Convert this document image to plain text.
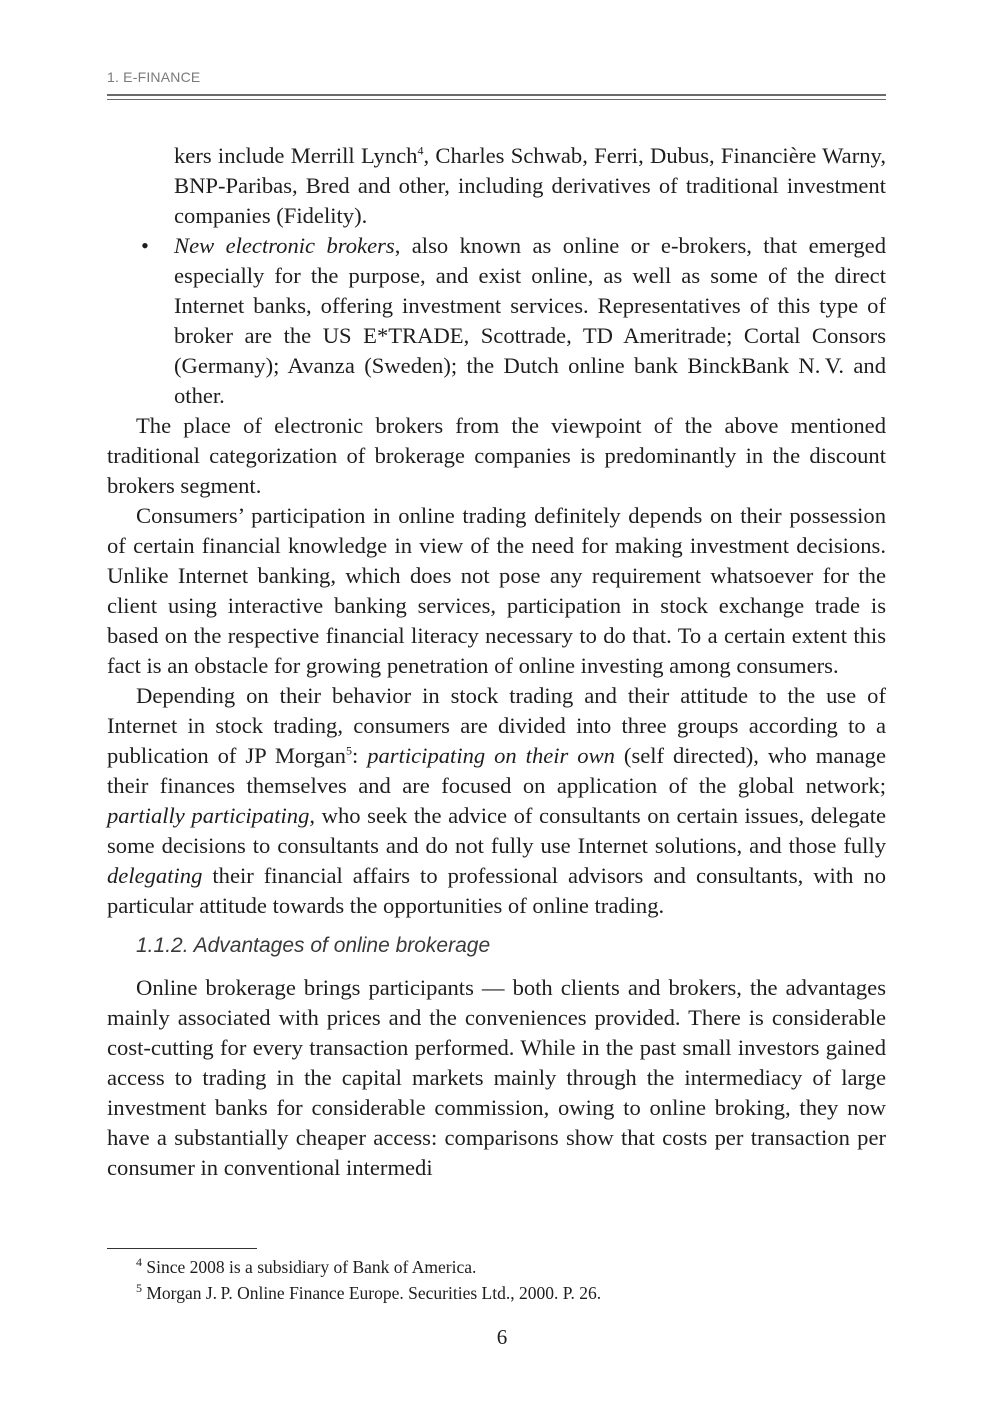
1. E-FINANCE

kers include Merrill Lynch$^4$, Charles Schwab, Ferri, Dubus, Financière Warny, BNP-Paribas, Bred and other, including derivatives of traditional investment companies (Fidelity).

• New electronic brokers, also known as online or e-brokers, that emerged especially for the purpose, and exist online, as well as some of the direct Internet banks, offering investment services. Representatives of this type of broker are the US E*TRADE, Scottrade, TD Ameritrade; Cortal Consors (Germany); Avanza (Sweden); the Dutch online bank BinckBank N. V. and other.

The place of electronic brokers from the viewpoint of the above mentioned traditional categorization of brokerage companies is predominantly in the discount brokers segment.

Consumers’ participation in online trading definitely depends on their possession of certain financial knowledge in view of the need for making investment decisions. Unlike Internet banking, which does not pose any requirement whatsoever for the client using interactive banking services, participation in stock exchange trade is based on the respective financial literacy necessary to do that. To a certain extent this fact is an obstacle for growing penetration of online investing among consumers.

Depending on their behavior in stock trading and their attitude to the use of Internet in stock trading, consumers are divided into three groups according to a publication of JP Morgan$^5$: participating on their own (self directed), who manage their finances themselves and are focused on application of the global network; partially participating, who seek the advice of consultants on certain issues, delegate some decisions to consultants and do not fully use Internet solutions, and those fully delegating their financial affairs to professional advisors and consultants, with no particular attitude towards the opportunities of online trading.

1.1.2. Advantages of online brokerage

Online brokerage brings participants — both clients and brokers, the advantages mainly associated with prices and the conveniences provided. There is considerable cost-cutting for every transaction performed. While in the past small investors gained access to trading in the capital markets mainly through the intermediacy of large investment banks for considerable commission, owing to online broking, they now have a substantially cheaper access: comparisons show that costs per transaction per consumer in conventional intermedi

$^4$ Since 2008 is a subsidiary of Bank of America.

$^5$ Morgan J. P. Online Finance Europe. Securities Ltd., 2000. P. 26.

6
